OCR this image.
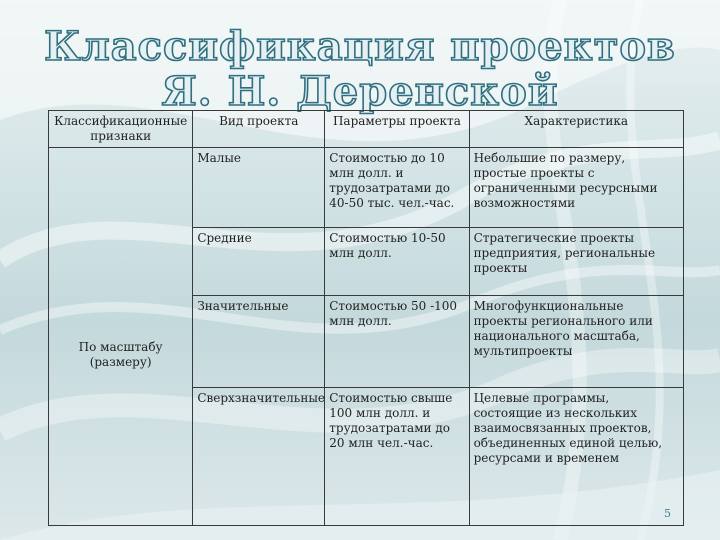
Классификация проектов Я. Н. Деренской
Классификационные признаки	Вид проекта	Параметры проекта	Характеристика
По масштабу (размеру)	Малые	Стоимостью до 10 млн долл. и трудозатратами до 40-50 тыс. чел.-час.	Небольшие по размеру, простые проекты с ограниченными ресурсными возможностями
	Средние	Стоимостью 10-50 млн долл.	Стратегические проекты предприятия, региональные проекты
	Значительные	Стоимостью 50 -100 млн долл.	Многофункциональные проекты регионального или национального масштаба, мультипроекты
	Сверхзначительные	Стоимостью свыше 100 млн долл. и трудозатратами до 20 млн чел.-час.	Целевые программы, состоящие из нескольких взаимосвязанных проектов, объединенных единой целью, ресурсами и временем
5
